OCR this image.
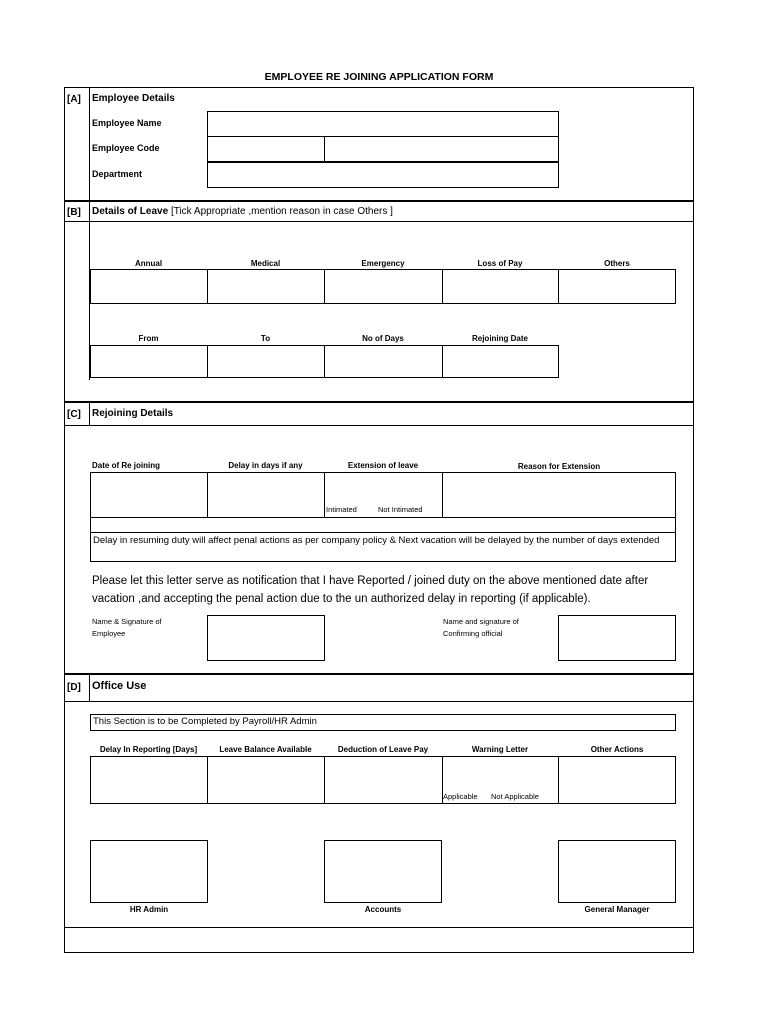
EMPLOYEE RE JOINING APPLICATION FORM
[A] Employee Details
Employee Name
Employee Code
Department
[B] Details of Leave [Tick Appropriate ,mention reason in case Others ]
Annual	Medical	Emergency	Loss of Pay	Others
From	To	No of Days	Rejoining Date
[C] Rejoining Details
Date of Re joining	Delay in days if any	Extension of leave	Reason for Extension
Intimated	Not Intimated
Delay in resuming duty will affect penal actions as per company policy & Next vacation will be delayed by the number of days extended
Please let this letter serve as notification that I have Reported / joined duty on the above mentioned date after vacation ,and accepting the penal action due to the un authorized delay in reporting (if applicable).
Name & Signature of Employee
Name and signature of Confirming official
[D] Office Use
This Section is to be Completed by Payroll/HR Admin
Delay In Reporting [Days]	Leave Balance Available	Deduction of Leave Pay	Warning Letter	Other Actions
Applicable Not Applicable
HR Admin	Accounts	General Manager
